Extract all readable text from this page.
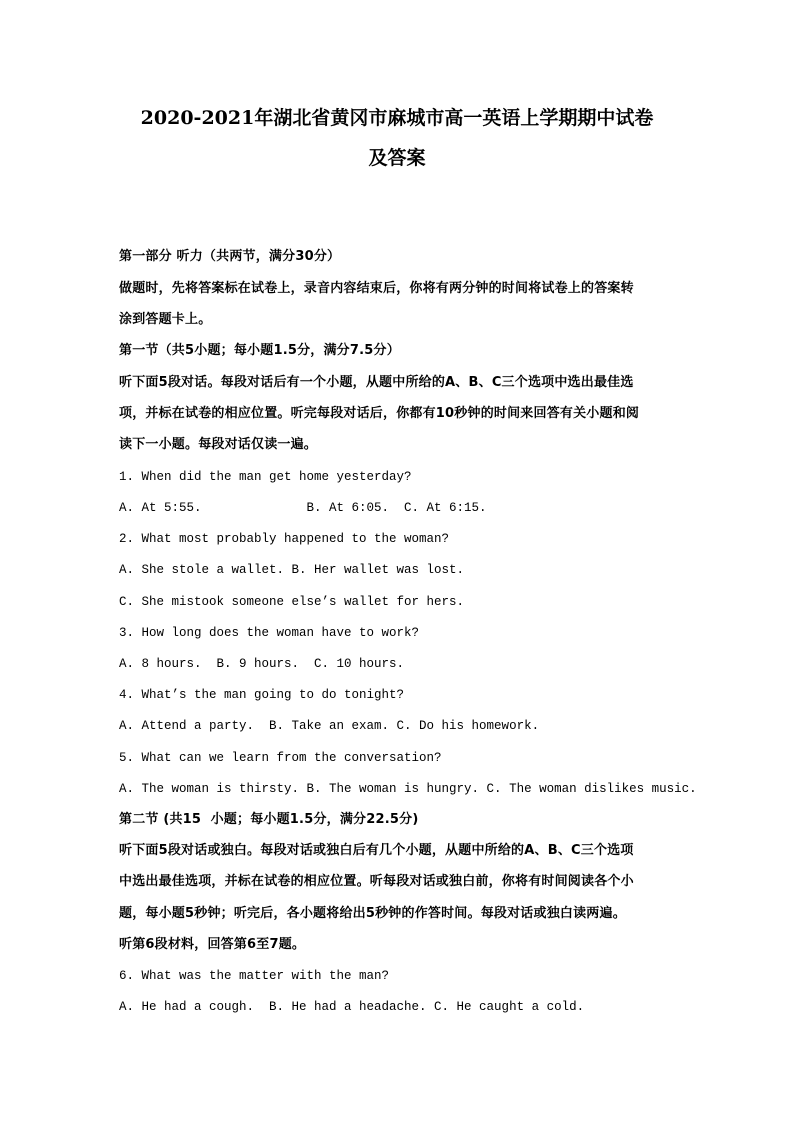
2020-2021年湖北省黄冈市麻城市高一英语上学期期中试卷
及答案
第一部分 听力（共两节，满分30分）
做题时，先将答案标在试卷上，录音内容结束后，你将有两分钟的时间将试卷上的答案转
涂到答题卡上。
第一节（共5小题；每小题1.5分，满分7.5分）
听下面5段对话。每段对话后有一个小题，从题中所给的A、B、C三个选项中选出最佳选
项，并标在试卷的相应位置。听完每段对话后，你都有10秒钟的时间来回答有关小题和阅
读下一小题。每段对话仅读一遍。
1. When did the man get home yesterday?
A. At 5:55.              B. At 6:05.  C. At 6:15.
2. What most probably happened to the woman?
A. She stole a wallet. B. Her wallet was lost.
C. She mistook someone else’s wallet for hers.
3. How long does the woman have to work?
A. 8 hours.  B. 9 hours.  C. 10 hours.
4. What’s the man going to do tonight?
A. Attend a party.  B. Take an exam. C. Do his homework.
5. What can we learn from the conversation?
A. The woman is thirsty. B. The woman is hungry. C. The woman dislikes music.
第二节 (共15  小题；每小题1.5分，满分22.5分)
听下面5段对话或独白。每段对话或独白后有几个小题，从题中所给的A、B、C三个选项
中选出最佳选项，并标在试卷的相应位置。听每段对话或独白前，你将有时间阅读各个小
题，每小题5秒钟；听完后，各小题将给出5秒钟的作答时间。每段对话或独白读两遍。
听第6段材料，回答第6至7题。
6. What was the matter with the man?
A. He had a cough.  B. He had a headache. C. He caught a cold.
